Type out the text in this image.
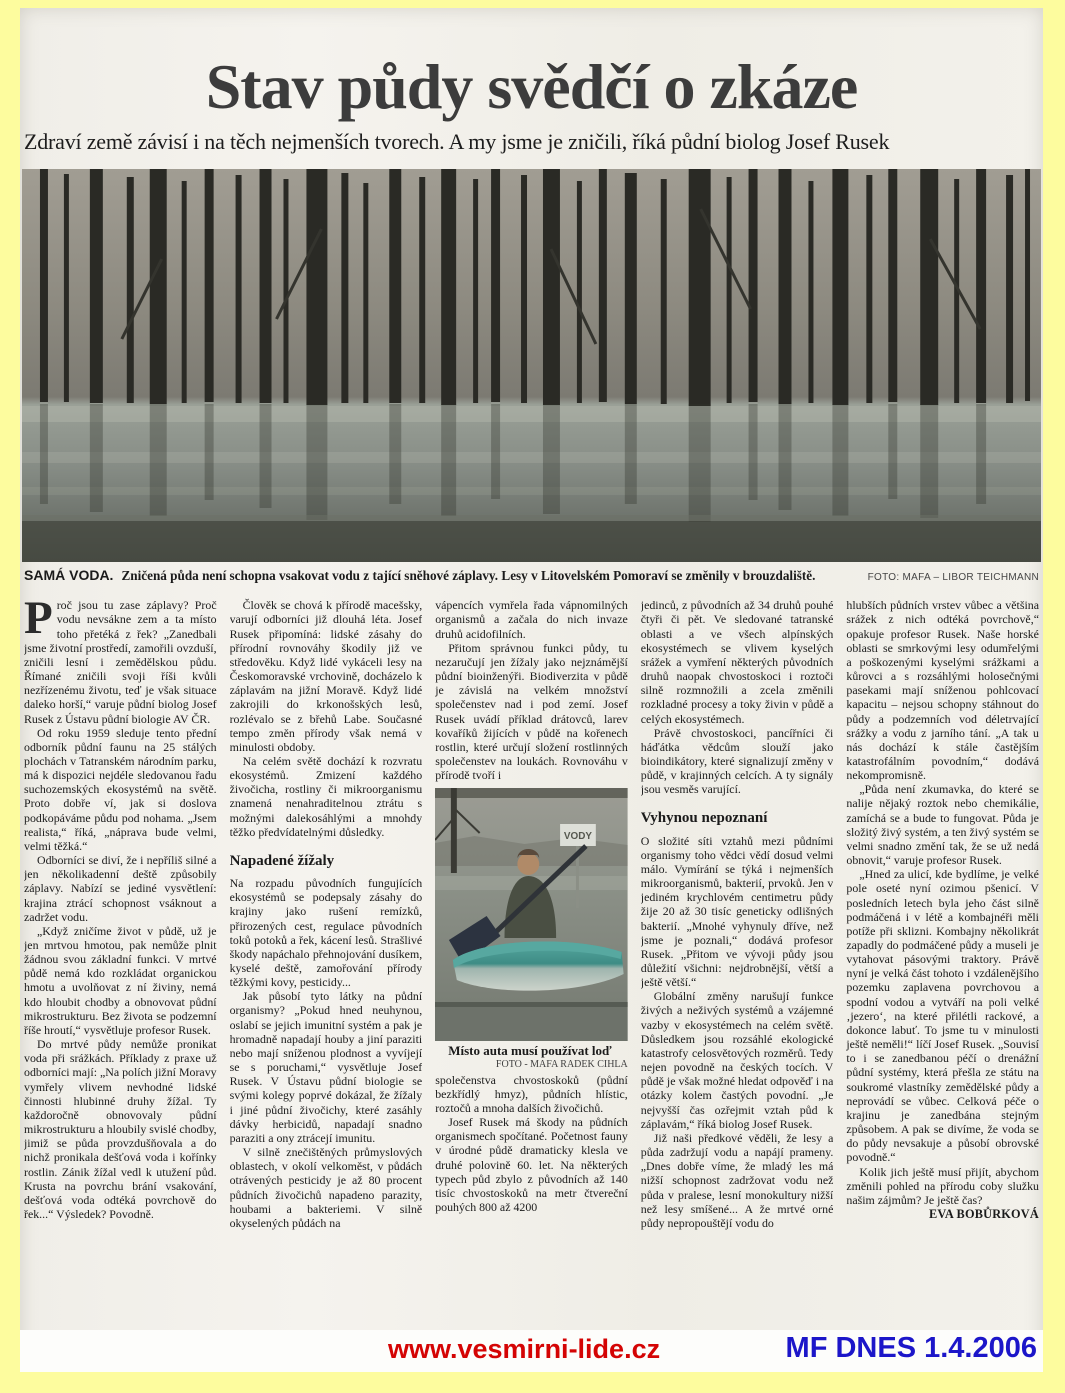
Stav půdy svědčí o zkáze
Zdraví země závisí i na těch nejmenších tvorech. A my jsme je zničili, říká půdní biolog Josef Rusek
SAMÁ VODA. Zničená půda není schopna vsakovat vodu z tající sněhové záplavy. Lesy v Litovelském Pomoraví se změnily v brouzdaliště.	FOTO: MAFA – LIBOR TEICHMANN

Proč jsou tu zase záplavy? Proč vodu nevsákne zem a ta místo toho přetéká z řek? „Zanedbali jsme životní prostředí, zamořili ovzduší, zničili lesní i zemědělskou půdu. Římané zničili svoji říši kvůli nezřízenému životu, teď je však situace daleko horší,“ varuje půdní biolog Josef Rusek z Ústavu půdní biologie AV ČR.

Od roku 1959 sleduje tento přední odborník půdní faunu na 25 stálých plochách v Tatranském národním parku, má k dispozici nejdéle sledovanou řadu suchozemských ekosystémů na světě. Proto dobře ví, jak si doslova podkopáváme půdu pod nohama. „Jsem realista,“ říká, „náprava bude velmi, velmi těžká.“

Odborníci se diví, že i nepříliš silné a jen několikadenní deště způsobily záplavy. Nabízí se jediné vysvětlení: krajina ztrácí schopnost vsáknout a zadržet vodu.

„Když zničíme život v půdě, už je jen mrtvou hmotou, pak nemůže plnit žádnou svou základní funkci. V mrtvé půdě nemá kdo rozkládat organickou hmotu a uvolňovat z ní živiny, nemá kdo hloubit chodby a obnovovat půdní mikrostrukturu. Bez života se podzemní říše hroutí,“ vysvětluje profesor Rusek.

Do mrtvé půdy nemůže pronikat voda při srážkách. Příklady z praxe už odborníci mají: „Na polích jižní Moravy vymřely vlivem nevhodné lidské činnosti hlubinné druhy žížal. Ty každoročně obnovovaly půdní mikrostrukturu a hloubily svislé chodby, jimiž se půda provzdušňovala a do nichž pronikala dešťová voda i kořínky rostlin. Zánik žížal vedl k utužení půd. Krusta na povrchu brání vsakování, dešťová voda odtéká povrchově do řek...“ Výsledek? Povodně.

Člověk se chová k přírodě macešsky, varují odborníci již dlouhá léta. Josef Rusek připomíná: lidské zásahy do přírodní rovnováhy škodily již ve středověku. Když lidé vykáceli lesy na Českomoravské vrchovině, docházelo k záplavám na jižní Moravě. Když lidé zakrojili do krkonošských lesů, rozlévalo se z břehů Labe. Současné tempo změn přírody však nemá v minulosti obdoby.

Na celém světě dochází k rozvratu ekosystémů. Zmizení každého živočicha, rostliny či mikroorganismu znamená nenahraditelnou ztrátu s možnými dalekosáhlými a mnohdy těžko předvídatelnými důsledky.

Napadené žížaly

Na rozpadu původních fungujících ekosystémů se podepsaly zásahy do krajiny jako rušení remízků, přirozených cest, regulace původních toků potoků a řek, kácení lesů. Strašlivé škody napáchalo přehnojování dusíkem, kyselé deště, zamořování přírody těžkými kovy, pesticidy...

Jak působí tyto látky na půdní organismy? „Pokud hned neuhynou, oslabí se jejich imunitní systém a pak je hromadně napadají houby a jiní paraziti nebo mají sníženou plodnost a vyvíjejí se s poruchami,“ vysvětluje Josef Rusek. V Ústavu půdní biologie se svými kolegy poprvé dokázal, že žížaly i jiné půdní živočichy, které zasáhly dávky herbicidů, napadají snadno paraziti a ony ztrácejí imunitu.

V silně znečištěných průmyslových oblastech, v okolí velkoměst, v půdách otrávených pesticidy je až 80 procent půdních živočichů napadeno parazity, houbami a bakteriemi. V silně okyselených půdách na

vápencích vymřela řada vápnomilných organismů a začala do nich invaze druhů acidofilních.

Přitom správnou funkci půdy, tu nezaručují jen žížaly jako nejznámější půdní bioinženýři. Biodiverzita v půdě je závislá na velkém množství společenstev nad i pod zemí. Josef Rusek uvádí příklad drátovců, larev kovaříků žijících v půdě na kořenech rostlin, které určují složení rostlinných společenstev na loukách. Rovnováhu v přírodě tvoří i

VODY

Místo auta musí používat loď

FOTO - MAFA RADEK CIHLA

společenstva chvostoskoků (půdní bezkřídlý hmyz), půdních hlístic, roztočů a mnoha dalších živočichů.

Josef Rusek má škody na půdních organismech spočítané. Početnost fauny v úrodné půdě dramaticky klesla ve druhé polovině 60. let. Na některých typech půd zbylo z původních až 140 tisíc chvostoskoků na metr čtvereční pouhých 800 až 4200

jedinců, z původních až 34 druhů pouhé čtyři či pět. Ve sledované tatranské oblasti a ve všech alpínských ekosystémech se vlivem kyselých srážek a vymření některých původních druhů naopak chvostoskoci i roztoči silně rozmnožili a zcela změnili rozkladné procesy a toky živin v půdě a celých ekosystémech.

Právě chvostoskoci, pancířníci či háďátka vědcům slouží jako bioindikátory, které signalizují změny v půdě, v krajinných celcích. A ty signály jsou vesměs varující.

Vyhynou nepoznaní

O složité síti vztahů mezi půdními organismy toho vědci vědí dosud velmi málo. Vymírání se týká i nejmenších mikroorganismů, bakterií, prvoků. Jen v jediném krychlovém centimetru půdy žije 20 až 30 tisíc geneticky odlišných bakterií. „Mnohé vyhynuly dříve, než jsme je poznali,“ dodává profesor Rusek. „Přitom ve vývoji půdy jsou důležití všichni: nejdrobnější, větší a ještě větší.“

Globální změny narušují funkce živých a neživých systémů a vzájemné vazby v ekosystémech na celém světě. Důsledkem jsou rozsáhlé ekologické katastrofy celosvětových rozměrů. Tedy nejen povodně na českých tocích. V půdě je však možné hledat odpověď i na otázky kolem častých povodní. „Je nejvyšší čas ozřejmit vztah půd k záplavám,“ říká biolog Josef Rusek.

Již naši předkové věděli, že lesy a půda zadržují vodu a napájí prameny. „Dnes dobře víme, že mladý les má nižší schopnost zadržovat vodu než půda v pralese, lesní monokultury nižší než lesy smíšené... A že mrtvé orné půdy nepropouštějí vodu do

hlubších půdních vrstev vůbec a většina srážek z nich odtéká povrchově,“ opakuje profesor Rusek. Naše horské oblasti se smrkovými lesy odumřelými a poškozenými kyselými srážkami a kůrovci a s rozsáhlými holosečnými pasekami mají sníženou pohlcovací kapacitu – nejsou schopny stáhnout do půdy a podzemních vod déletrvající srážky a vodu z jarního tání. „A tak u nás dochází k stále častějším katastrofálním povodním,“ dodává nekompromisně.

„Půda není zkumavka, do které se nalije nějaký roztok nebo chemikálie, zamíchá se a bude to fungovat. Půda je složitý živý systém, a ten živý systém se velmi snadno změní tak, že se už nedá obnovit,“ varuje profesor Rusek.

„Hned za ulicí, kde bydlíme, je velké pole oseté nyní ozimou pšenicí. V posledních letech byla jeho část silně podmáčená i v létě a kombajnéři měli potíže při sklizni. Kombajny několikrát zapadly do podmáčené půdy a museli je vytahovat pásovými traktory. Právě nyní je velká část tohoto i vzdálenějšího pozemku zaplavena povrchovou a spodní vodou a vytváří na poli velké ‚jezero‘, na které přilétli rackové, a dokonce labuť. To jsme tu v minulosti ještě neměli!“ líčí Josef Rusek. „Souvisí to i se zanedbanou péčí o drenážní půdní systémy, která přešla ze státu na soukromé vlastníky zemědělské půdy a neprovádí se vůbec. Celková péče o krajinu je zanedbána stejným způsobem. A pak se divíme, že voda se do půdy nevsakuje a působí obrovské povodně.“

Kolik jich ještě musí přijít, abychom změnili pohled na přírodu coby služku našim zájmům? Je ještě čas?
EVA BOBŮRKOVÁ

www.vesmirni-lide.cz	MF DNES 1.4.2006
